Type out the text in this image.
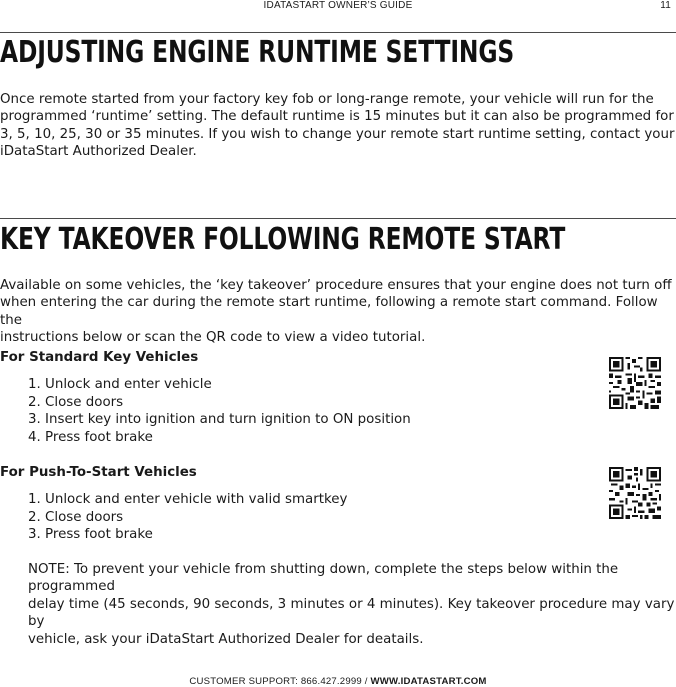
IDATASTART OWNER’S GUIDE	11
ADJUSTING ENGINE RUNTIME SETTINGS

Once remote started from your factory key fob or long-range remote, your vehicle will run for the
programmed ‘runtime’ setting. The default runtime is 15 minutes but it can also be programmed for
3, 5, 10, 25, 30 or 35 minutes. If you wish to change your remote start runtime setting, contact your
iDataStart Authorized Dealer.

KEY TAKEOVER FOLLOWING REMOTE START

Available on some vehicles, the ‘key takeover’ procedure ensures that your engine does not turn off
when entering the car during the remote start runtime, following a remote start command. Follow the
instructions below or scan the QR code to view a video tutorial.

For Standard Key Vehicles
1. Unlock and enter vehicle
2. Close doors
3. Insert key into ignition and turn ignition to ON position
4. Press foot brake
For Push-To-Start Vehicles
1. Unlock and enter vehicle with valid smartkey
2. Close doors
3. Press foot brake

NOTE: To prevent your vehicle from shutting down, complete the steps below within the programmed
delay time (45 seconds, 90 seconds, 3 minutes or 4 minutes). Key takeover procedure may vary by
vehicle, ask your iDataStart Authorized Dealer for deatails.

CUSTOMER SUPPORT: 866.427.2999 / WWW.IDATASTART.COM
